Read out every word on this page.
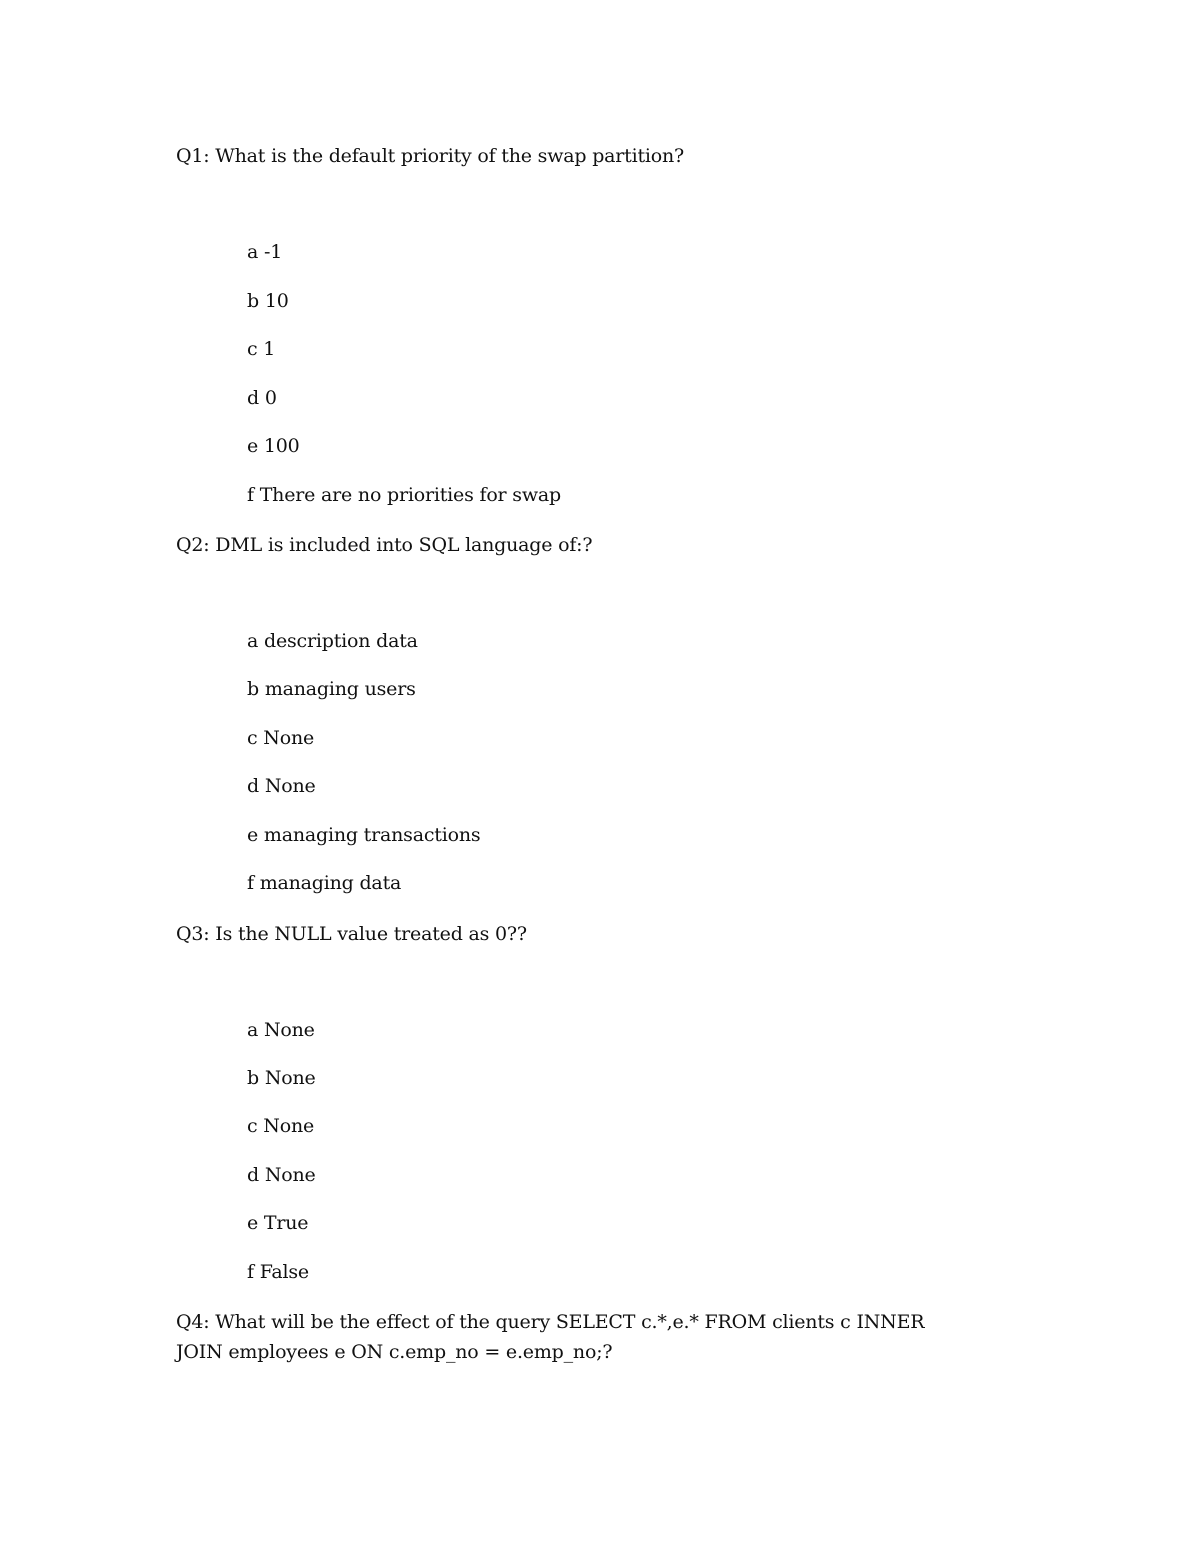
Q1: What is the default priority of the swap partition?
a -1
b 10
c 1
d 0
e 100
f There are no priorities for swap
Q2: DML is included into SQL language of:?
a description data
b managing users
c None
d None
e managing transactions
f managing data
Q3: Is the NULL value treated as 0??
a None
b None
c None
d None
e True
f False
Q4: What will be the effect of the query SELECT c.*,e.* FROM clients c INNER JOIN employees e ON c.emp_no = e.emp_no;?
